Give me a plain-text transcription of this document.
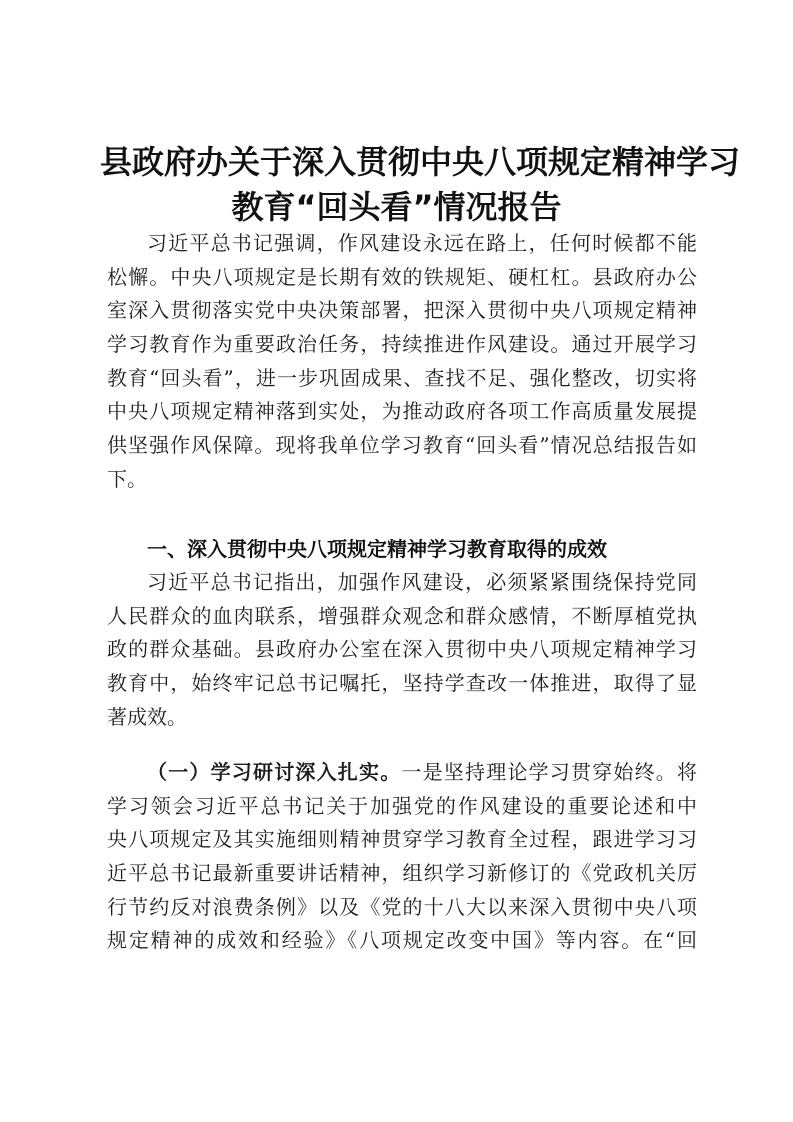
县政府办关于深入贯彻中央八项规定精神学习
教育“回头看”情况报告
习近平总书记强调，作风建设永远在路上，任何时候都不能
松懈。中央八项规定是长期有效的铁规矩、硬杠杠。县政府办公
室深入贯彻落实党中央决策部署，把深入贯彻中央八项规定精神
学习教育作为重要政治任务，持续推进作风建设。通过开展学习
教育“回头看”，进一步巩固成果、查找不足、强化整改，切实将
中央八项规定精神落到实处，为推动政府各项工作高质量发展提
供坚强作风保障。现将我单位学习教育“回头看”情况总结报告如
下。
一、深入贯彻中央八项规定精神学习教育取得的成效
习近平总书记指出，加强作风建设，必须紧紧围绕保持党同
人民群众的血肉联系，增强群众观念和群众感情，不断厚植党执
政的群众基础。县政府办公室在深入贯彻中央八项规定精神学习
教育中，始终牢记总书记嘱托，坚持学查改一体推进，取得了显
著成效。
（一）学习研讨深入扎实。一是坚持理论学习贯穿始终。将
学习领会习近平总书记关于加强党的作风建设的重要论述和中
央八项规定及其实施细则精神贯穿学习教育全过程，跟进学习习
近平总书记最新重要讲话精神，组织学习新修订的《党政机关厉
行节约反对浪费条例》以及《党的十八大以来深入贯彻中央八项
规定精神的成效和经验》《八项规定改变中国》等内容。在“回
